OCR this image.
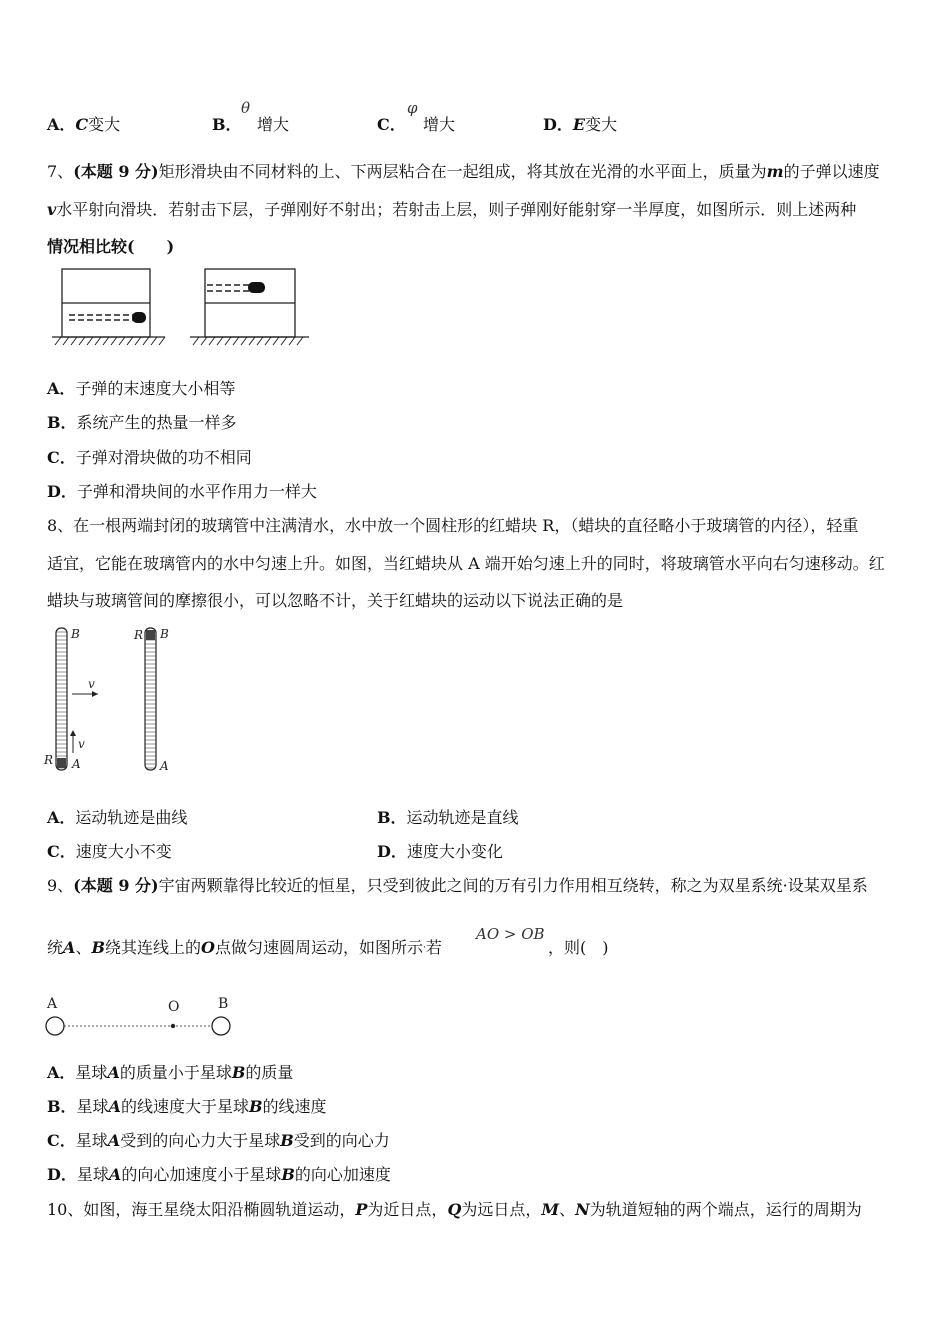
A．C变大	B．
θ
增大	C．
φ
增大	D．E变大
7、(本题 9 分)矩形滑块由不同材料的上、下两层粘合在一起组成，将其放在光滑的水平面上，质量为m的子弹以速度
v水平射向滑块．若射击下层，子弹刚好不射出；若射击上层，则子弹刚好能射穿一半厚度，如图所示．则上述两种
情况相比较(　　)
A．子弹的末速度大小相等
B．系统产生的热量一样多
C．子弹对滑块做的功不相同
D．子弹和滑块间的水平作用力一样大
8、在一根两端封闭的玻璃管中注满清水，水中放一个圆柱形的红蜡块 R，（蜡块的直径略小于玻璃管的内径），轻重
适宜，它能在玻璃管内的水中匀速上升。如图，当红蜡块从 A 端开始匀速上升的同时，将玻璃管水平向右匀速移动。红
蜡块与玻璃管间的摩擦很小，可以忽略不计，关于红蜡块的运动以下说法正确的是
B
R A
v
v
R B
A
A．运动轨迹是曲线	B．运动轨迹是直线
C．速度大小不变	D．速度大小变化
9、(本题 9 分)宇宙两颗靠得比较近的恒星，只受到彼此之间的万有引力作用相互绕转，称之为双星系统·设某双星系
统A、B绕其连线上的O点做匀速圆周运动，如图所示·若
AO > OB
，则(　)
A	O	B
A．星球A的质量小于星球B的质量
B．星球A的线速度大于星球B的线速度
C．星球A受到的向心力大于星球B受到的向心力
D．星球A的向心加速度小于星球B的向心加速度
10、如图，海王星绕太阳沿椭圆轨道运动，P为近日点，Q为远日点，M、N为轨道短轴的两个端点，运行的周期为
